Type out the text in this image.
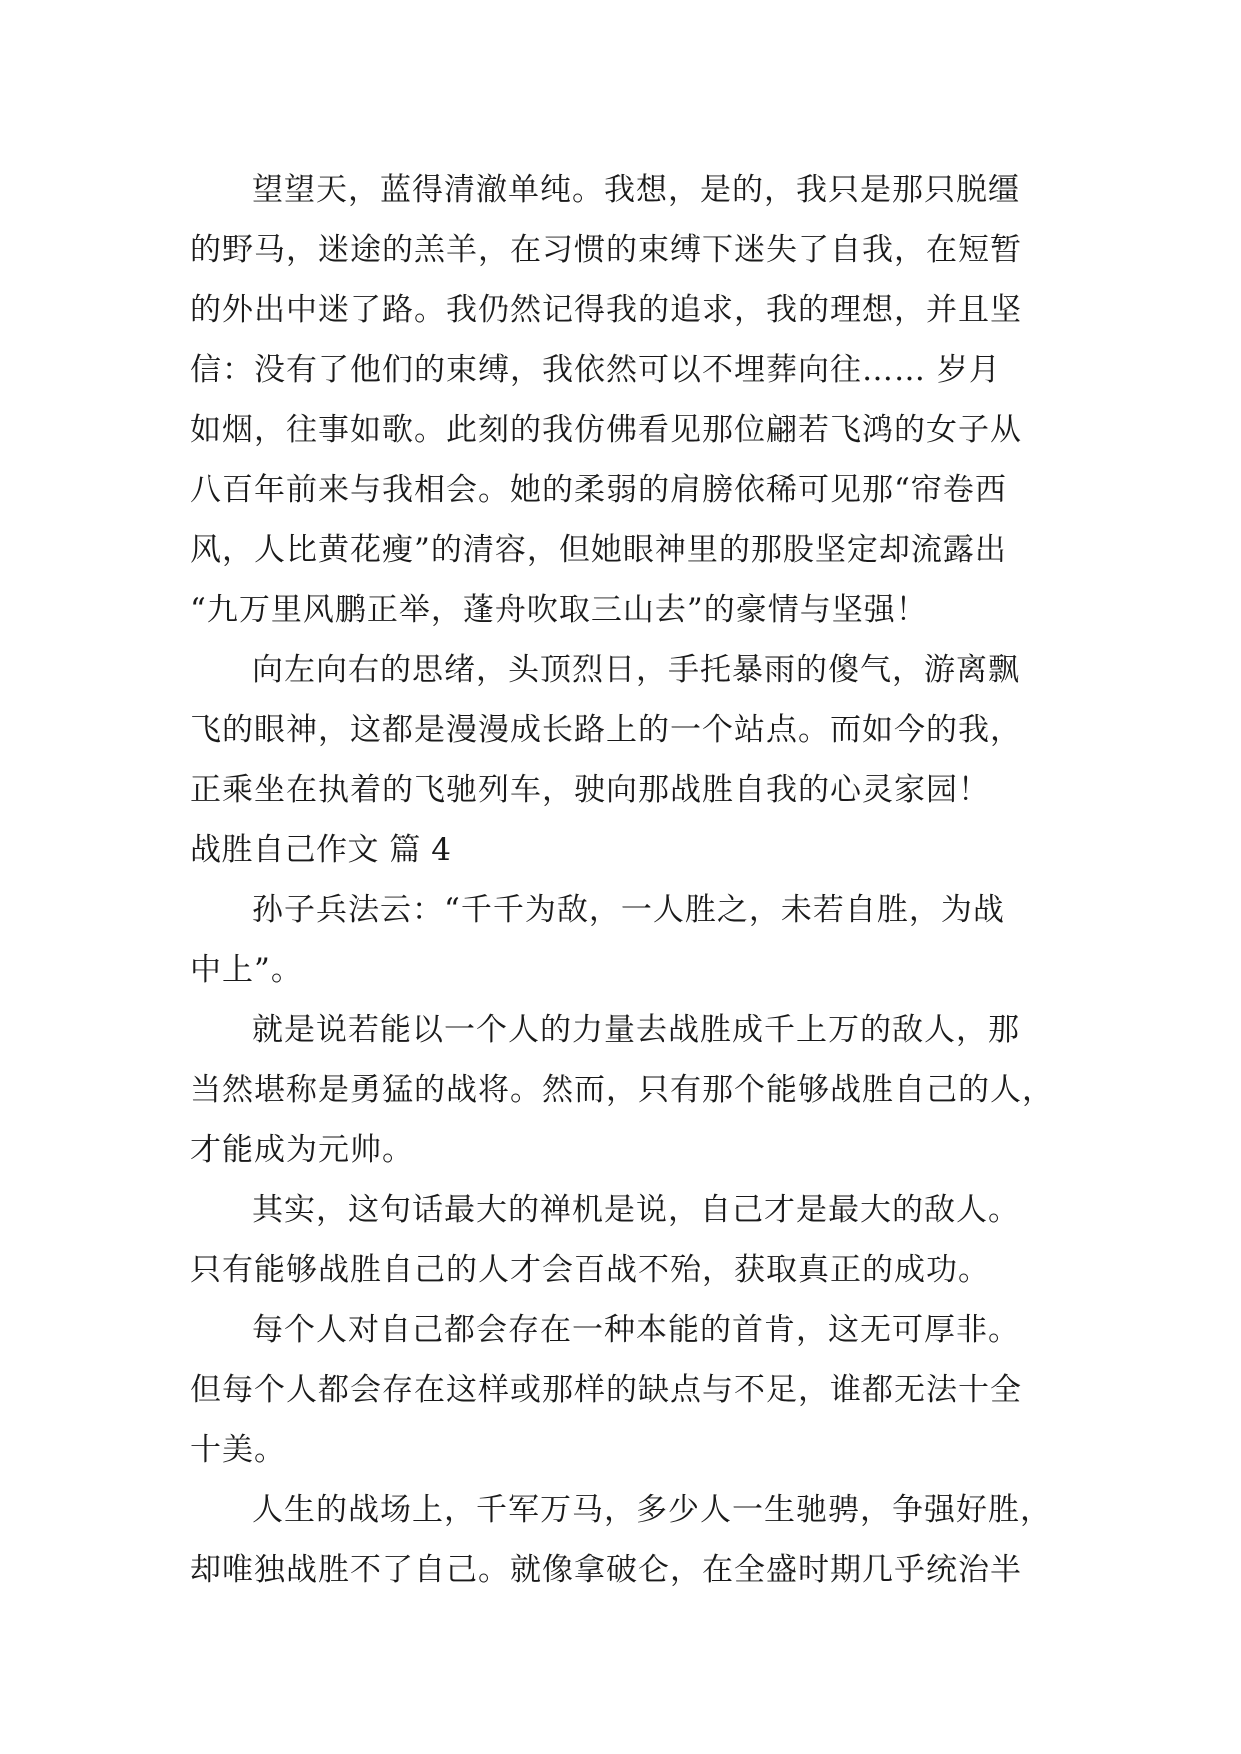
望望天，蓝得清澈单纯。我想，是的，我只是那只脱缰
的野马，迷途的羔羊，在习惯的束缚下迷失了自我，在短暂
的外出中迷了路。我仍然记得我的追求，我的理想，并且坚
信：没有了他们的束缚，我依然可以不埋葬向往…… 岁月
如烟，往事如歌。此刻的我仿佛看见那位翩若飞鸿的女子从
八百年前来与我相会。她的柔弱的肩膀依稀可见那“帘卷西
风，人比黄花瘦”的清容，但她眼神里的那股坚定却流露出
“九万里风鹏正举，蓬舟吹取三山去”的豪情与坚强！
向左向右的思绪，头顶烈日，手托暴雨的傻气，游离飘
飞的眼神，这都是漫漫成长路上的一个站点。而如今的我，
正乘坐在执着的飞驰列车，驶向那战胜自我的心灵家园！
战胜自己作文 篇 4
孙子兵法云：“千千为敌，一人胜之，未若自胜，为战
中上”。
就是说若能以一个人的力量去战胜成千上万的敌人，那
当然堪称是勇猛的战将。然而，只有那个能够战胜自己的人，
才能成为元帅。
其实，这句话最大的禅机是说，自己才是最大的敌人。
只有能够战胜自己的人才会百战不殆，获取真正的成功。
每个人对自己都会存在一种本能的首肯，这无可厚非。
但每个人都会存在这样或那样的缺点与不足，谁都无法十全
十美。
人生的战场上，千军万马，多少人一生驰骋，争强好胜，
却唯独战胜不了自己。就像拿破仑，在全盛时期几乎统治半
